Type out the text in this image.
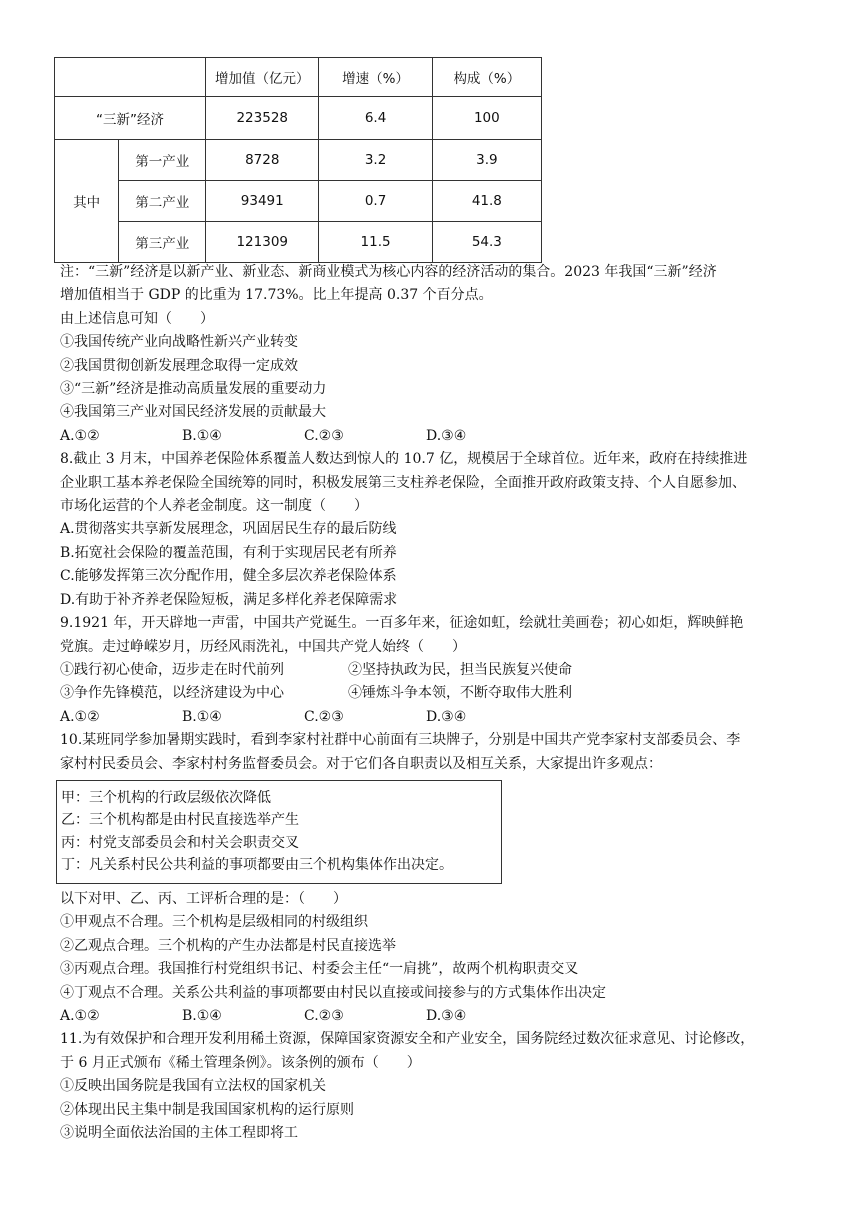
		增加值（亿元）	增速（%）	构成（%）
“三新”经济		223528	6.4	100
其中	第一产业	8728	3.2	3.9
	第二产业	93491	0.7	41.8
	第三产业	121309	11.5	54.3
注：“三新”经济是以新产业、新业态、新商业模式为核心内容的经济活动的集合。2023 年我国“三新”经济
增加值相当于 GDP 的比重为 17.73%。比上年提高 0.37 个百分点。
由上述信息可知（　　）
①我国传统产业向战略性新兴产业转变
②我国贯彻创新发展理念取得一定成效
③“三新”经济是推动高质量发展的重要动力
④我国第三产业对国民经济发展的贡献最大
A.①②	B.①④	C.②③	D.③④
8.截止 3 月末，中国养老保险体系覆盖人数达到惊人的 10.7 亿，规模居于全球首位。近年来，政府在持续推进
企业职工基本养老保险全国统筹的同时，积极发展第三支柱养老保险，全面推开政府政策支持、个人自愿参加、
市场化运营的个人养老金制度。这一制度（　　）
A.贯彻落实共享新发展理念，巩固居民生存的最后防线
B.拓宽社会保险的覆盖范围，有利于实现居民老有所养
C.能够发挥第三次分配作用，健全多层次养老保险体系
D.有助于补齐养老保险短板，满足多样化养老保障需求
9.1921 年，开天辟地一声雷，中国共产党诞生。一百多年来，征途如虹，绘就壮美画卷；初心如炬，辉映鲜艳
党旗。走过峥嵘岁月，历经风雨洗礼，中国共产党人始终（　　）
①践行初心使命，迈步走在时代前列	②坚持执政为民，担当民族复兴使命
③争作先锋模范，以经济建设为中心	④锤炼斗争本领，不断夺取伟大胜利
A.①②	B.①④	C.②③	D.③④
10.某班同学参加暑期实践时，看到李家村社群中心前面有三块牌子，分别是中国共产党李家村支部委员会、李
家村村民委员会、李家村村务监督委员会。对于它们各自职责以及相互关系，大家提出许多观点：
甲：三个机构的行政层级依次降低
乙：三个机构都是由村民直接选举产生
丙：村党支部委员会和村关会职责交叉
丁：凡关系村民公共利益的事项都要由三个机构集体作出决定。
以下对甲、乙、丙、工评析合理的是：（　　）
①甲观点不合理。三个机构是层级相同的村级组织
②乙观点合理。三个机构的产生办法都是村民直接选举
③丙观点合理。我国推行村党组织书记、村委会主任“一肩挑”，故两个机构职责交叉
④丁观点不合理。关系公共利益的事项都要由村民以直接或间接参与的方式集体作出决定
A.①②	B.①④	C.②③	D.③④
11.为有效保护和合理开发利用稀土资源，保障国家资源安全和产业安全，国务院经过数次征求意见、讨论修改，
于 6 月正式颁布《稀土管理条例》。该条例的颁布（　　）
①反映出国务院是我国有立法权的国家机关
②体现出民主集中制是我国国家机构的运行原则
③说明全面依法治国的主体工程即将工
